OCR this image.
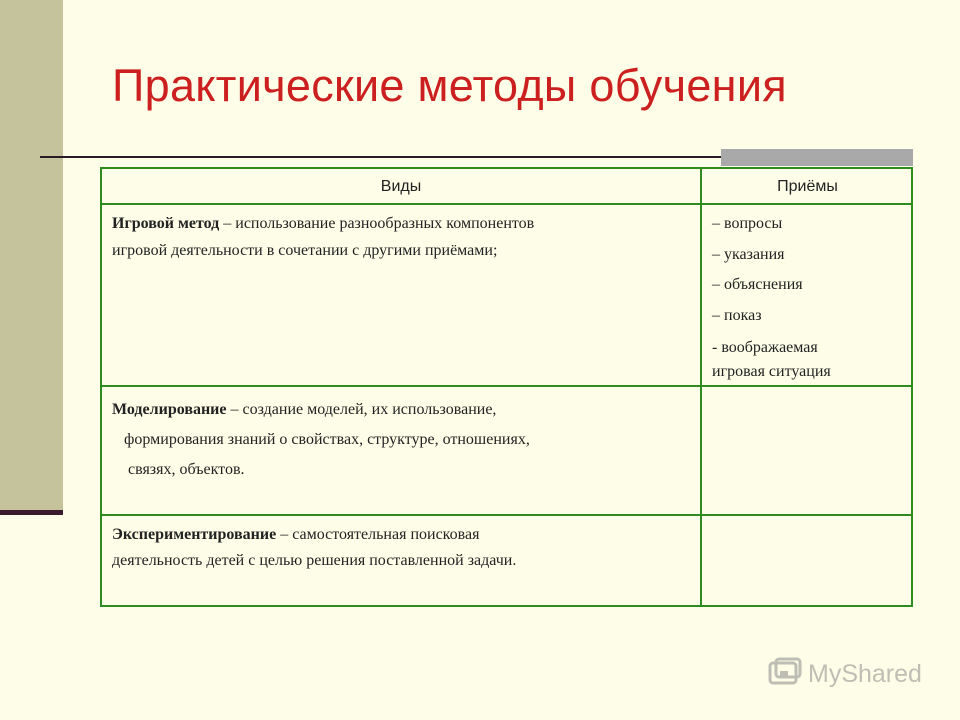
Практические методы обучения
Виды	Приёмы
Игровой метод – использование разнообразных компонентов
игровой деятельности в сочетании с другими приёмами;
– вопросы
– указания
– объяснения
– показ
- воображаемая
игровая ситуация
Моделирование – создание моделей, их использование,
формирования знаний о свойствах, структуре, отношениях,
связях, объектов.
Экспериментирование – самостоятельная поисковая
деятельность детей с целью решения поставленной задачи.
MyShared
